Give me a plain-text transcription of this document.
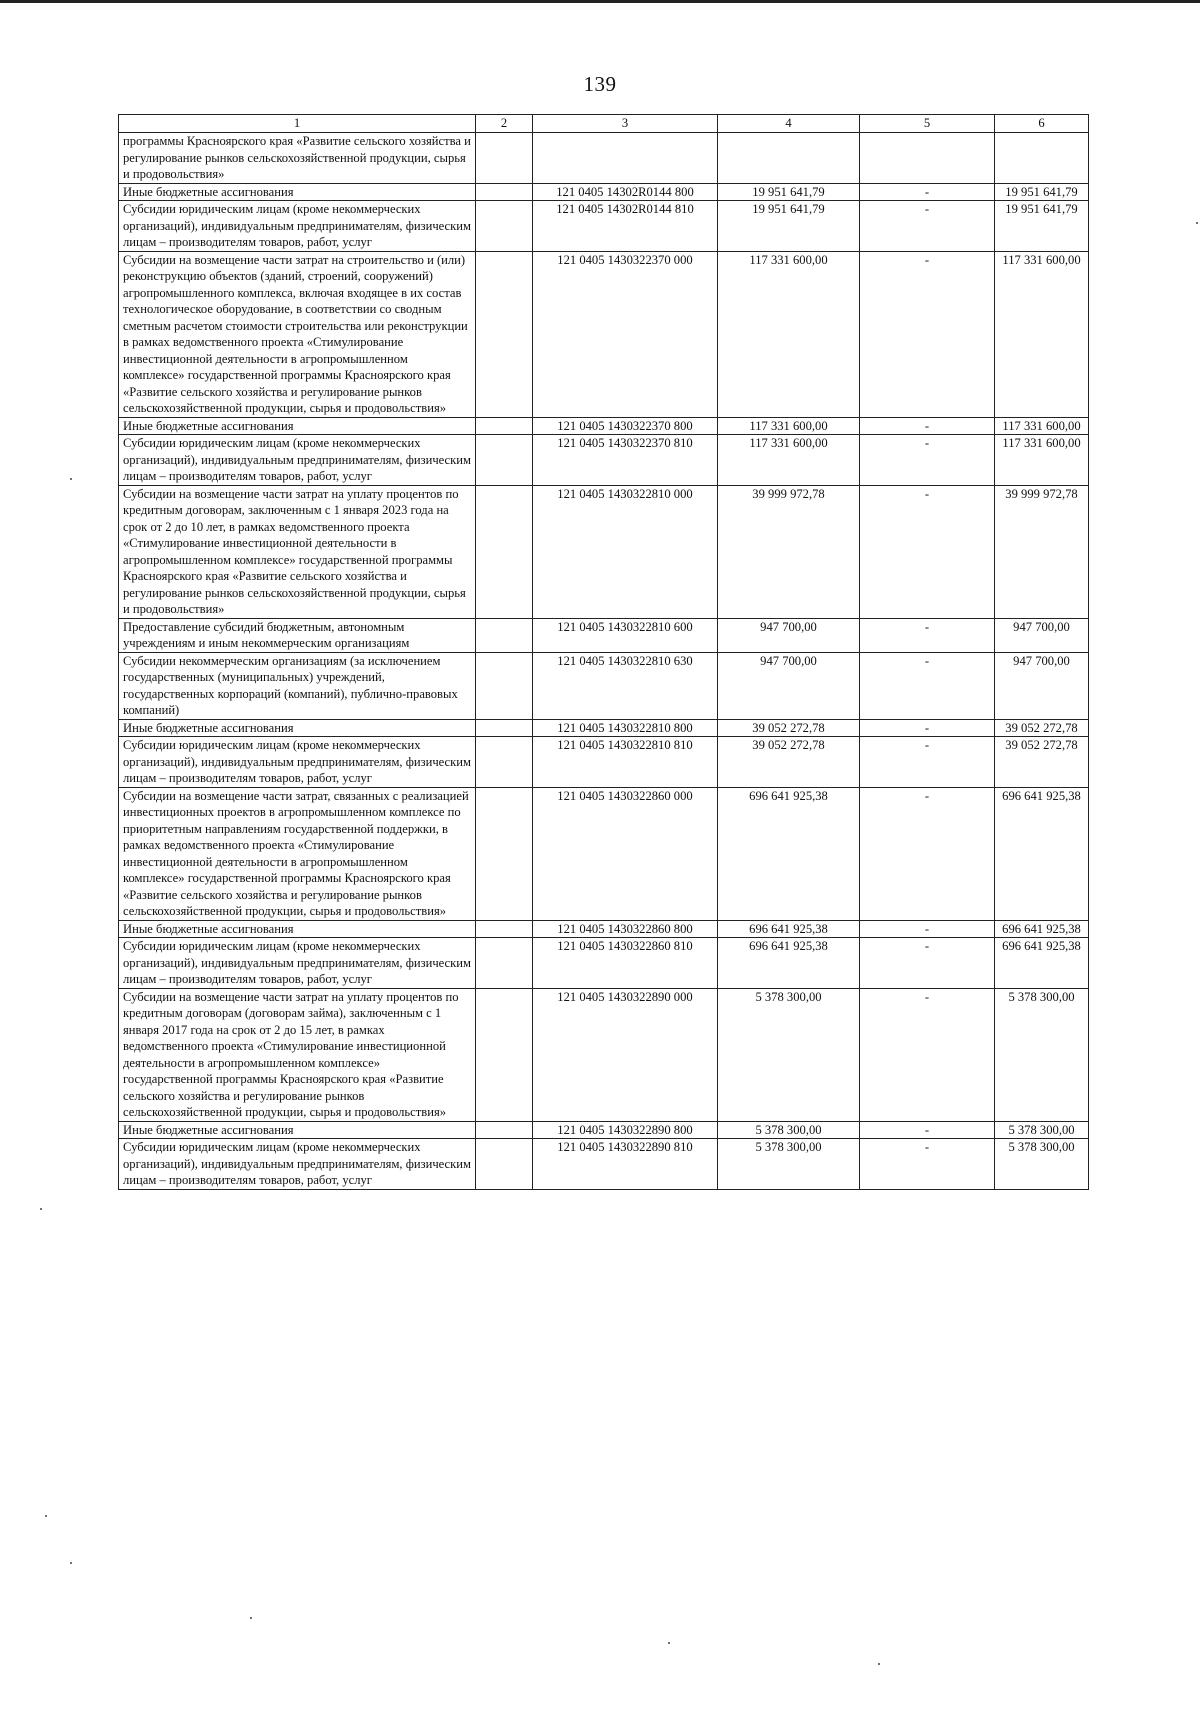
139
1	2	3	4	5	6
программы Красноярского края «Развитие сельского хозяйства и регулирование рынков сельскохозяйственной продукции, сырья и продовольствия»					
Иные бюджетные ассигнования		121 0405 14302R0144 800	19 951 641,79	-	19 951 641,79
Субсидии юридическим лицам (кроме некоммерческих организаций), индивидуальным предпринимателям, физическим лицам – производителям товаров, работ, услуг		121 0405 14302R0144 810	19 951 641,79	-	19 951 641,79
Субсидии на возмещение части затрат на строительство и (или) реконструкцию объектов (зданий, строений, сооружений) агропромышленного комплекса, включая входящее в их состав технологическое оборудование, в соответствии со сводным сметным расчетом стоимости строительства или реконструкции в рамках ведомственного проекта «Стимулирование инвестиционной деятельности в агропромышленном комплексе» государственной программы Красноярского края «Развитие сельского хозяйства и регулирование рынков сельскохозяйственной продукции, сырья и продовольствия»		121 0405 1430322370 000	117 331 600,00	-	117 331 600,00
Иные бюджетные ассигнования		121 0405 1430322370 800	117 331 600,00	-	117 331 600,00
Субсидии юридическим лицам (кроме некоммерческих организаций), индивидуальным предпринимателям, физическим лицам – производителям товаров, работ, услуг		121 0405 1430322370 810	117 331 600,00	-	117 331 600,00
Субсидии на возмещение части затрат на уплату процентов по кредитным договорам, заключенным с 1 января 2023 года на срок от 2 до 10 лет, в рамках ведомственного проекта «Стимулирование инвестиционной деятельности в агропромышленном комплексе» государственной программы Красноярского края «Развитие сельского хозяйства и регулирование рынков сельскохозяйственной продукции, сырья и продовольствия»		121 0405 1430322810 000	39 999 972,78	-	39 999 972,78
Предоставление субсидий бюджетным, автономным учреждениям и иным некоммерческим организациям		121 0405 1430322810 600	947 700,00	-	947 700,00
Субсидии некоммерческим организациям (за исключением государственных (муниципальных) учреждений, государственных корпораций (компаний), публично-правовых компаний)		121 0405 1430322810 630	947 700,00	-	947 700,00
Иные бюджетные ассигнования		121 0405 1430322810 800	39 052 272,78	-	39 052 272,78
Субсидии юридическим лицам (кроме некоммерческих организаций), индивидуальным предпринимателям, физическим лицам – производителям товаров, работ, услуг		121 0405 1430322810 810	39 052 272,78	-	39 052 272,78
Субсидии на возмещение части затрат, связанных с реализацией инвестиционных проектов в агропромышленном комплексе по приоритетным направлениям государственной поддержки, в рамках ведомственного проекта «Стимулирование инвестиционной деятельности в агропромышленном комплексе» государственной программы Красноярского края «Развитие сельского хозяйства и регулирование рынков сельскохозяйственной продукции, сырья и продовольствия»		121 0405 1430322860 000	696 641 925,38	-	696 641 925,38
Иные бюджетные ассигнования		121 0405 1430322860 800	696 641 925,38	-	696 641 925,38
Субсидии юридическим лицам (кроме некоммерческих организаций), индивидуальным предпринимателям, физическим лицам – производителям товаров, работ, услуг		121 0405 1430322860 810	696 641 925,38	-	696 641 925,38
Субсидии на возмещение части затрат на уплату процентов по кредитным договорам (договорам займа), заключенным с 1 января 2017 года на срок от 2 до 15 лет, в рамках ведомственного проекта «Стимулирование инвестиционной деятельности в агропромышленном комплексе» государственной программы Красноярского края «Развитие сельского хозяйства и регулирование рынков сельскохозяйственной продукции, сырья и продовольствия»		121 0405 1430322890 000	5 378 300,00	-	5 378 300,00
Иные бюджетные ассигнования		121 0405 1430322890 800	5 378 300,00	-	5 378 300,00
Субсидии юридическим лицам (кроме некоммерческих организаций), индивидуальным предпринимателям, физическим лицам – производителям товаров, работ, услуг		121 0405 1430322890 810	5 378 300,00	-	5 378 300,00
